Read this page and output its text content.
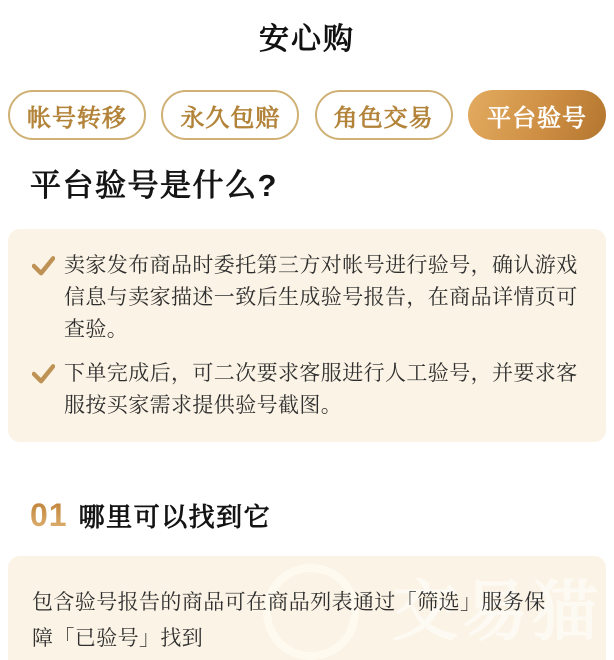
安心购
帐号转移 永久包赔 角色交易 平台验号
平台验号是什么?
卖家发布商品时委托第三方对帐号进行验号，确认游戏信息与卖家描述一致后生成验号报告，在商品详情页可查验。
下单完成后，可二次要求客服进行人工验号，并要求客服按买家需求提供验号截图。
01 哪里可以找到它
交易猫
包含验号报告的商品可在商品列表通过「筛选」服务保障「已验号」找到
